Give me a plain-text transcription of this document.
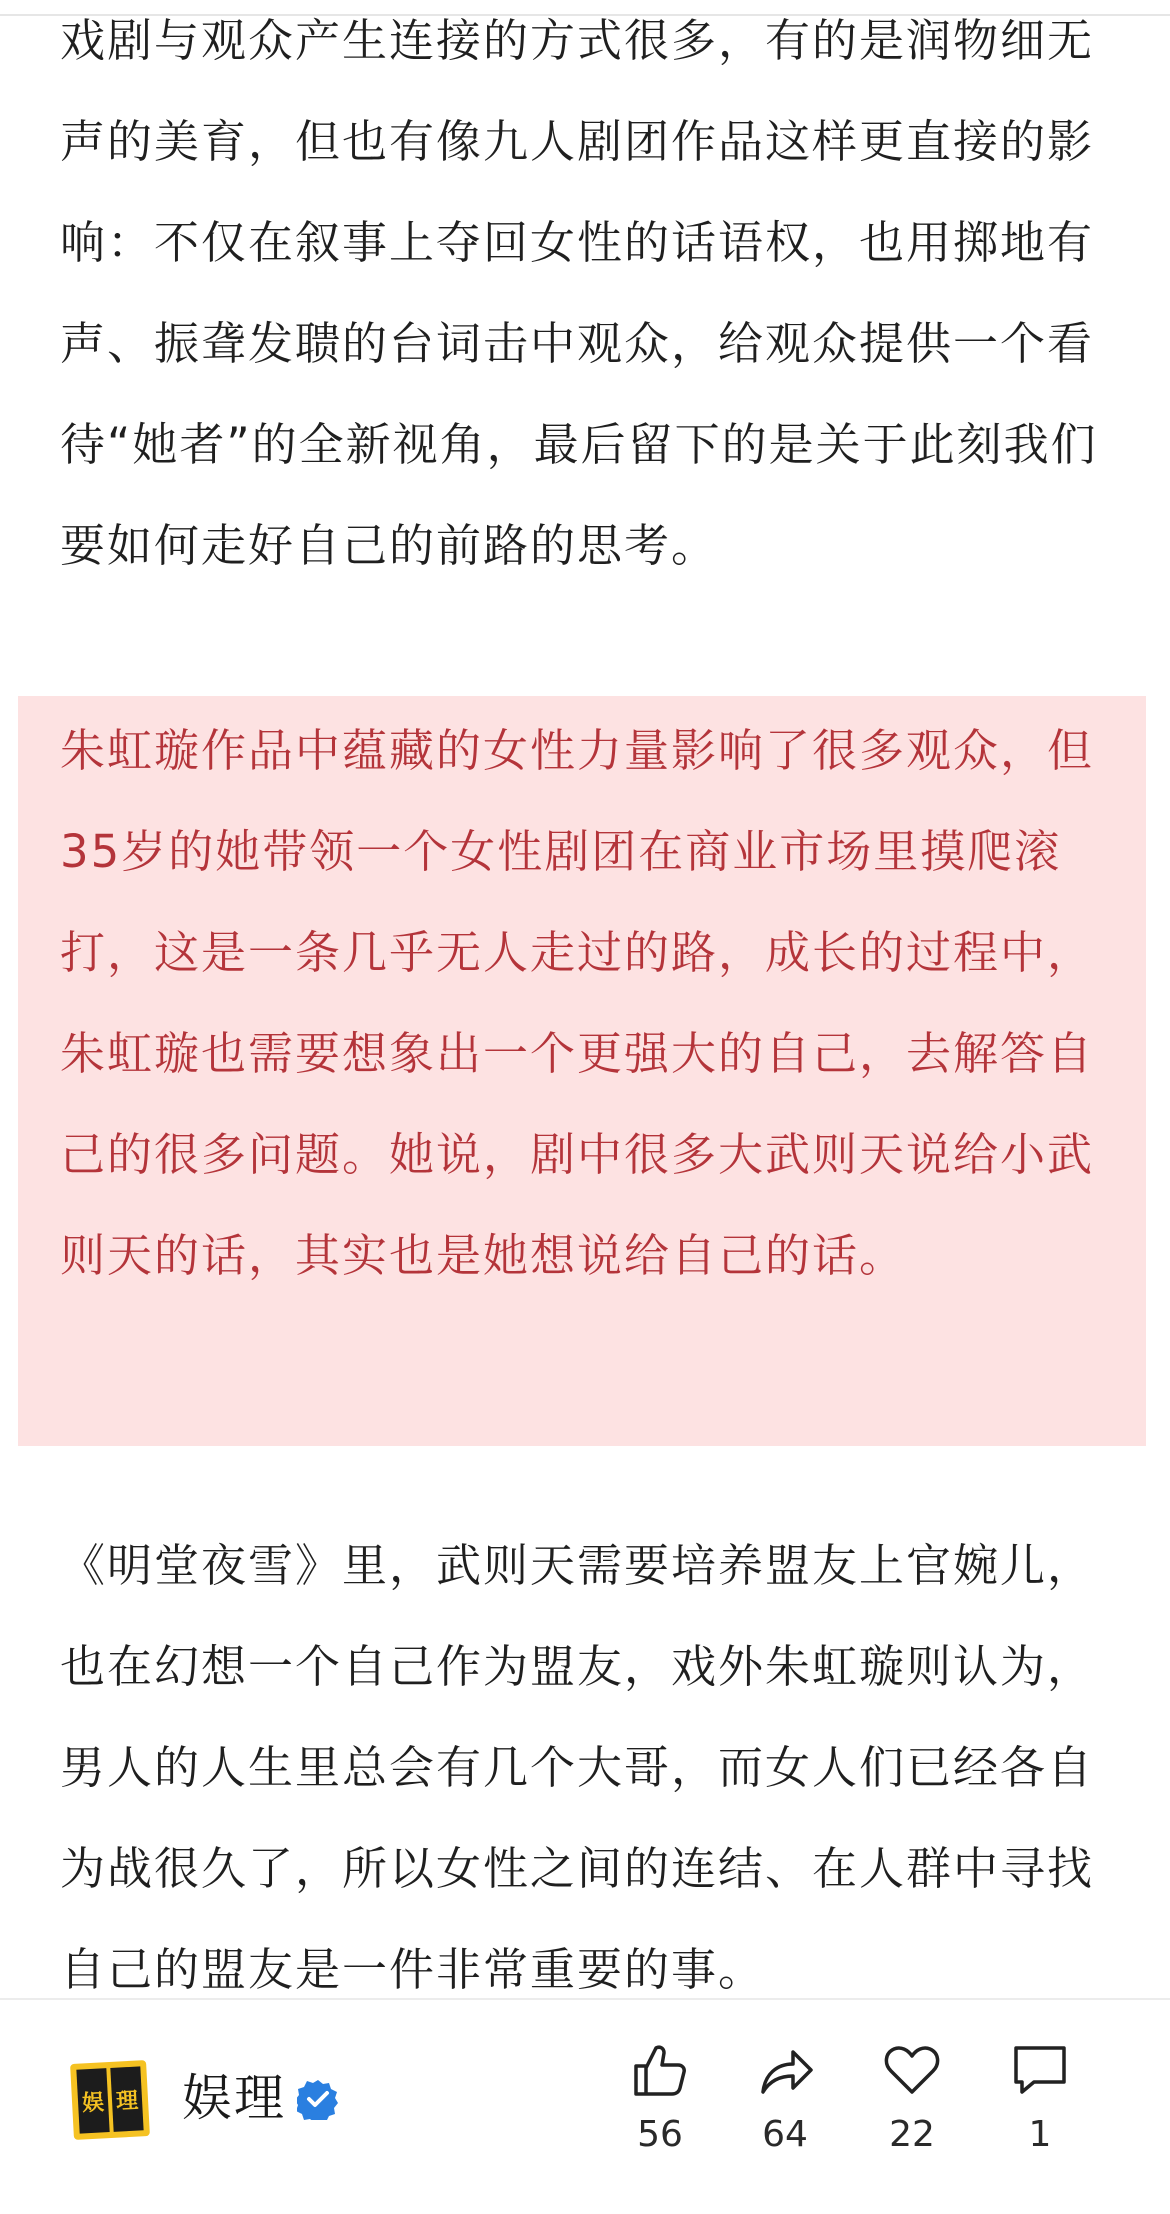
戏剧与观众产生连接的方式很多，有的是润物细无声的美育，但也有像九人剧团作品这样更直接的影响：不仅在叙事上夺回女性的话语权，也用掷地有声、振聋发聩的台词击中观众，给观众提供一个看待“她者”的全新视角，最后留下的是关于此刻我们要如何走好自己的前路的思考。

朱虹璇作品中蕴藏的女性力量影响了很多观众，但35岁的她带领一个女性剧团在商业市场里摸爬滚打，这是一条几乎无人走过的路，成长的过程中，朱虹璇也需要想象出一个更强大的自己，去解答自己的很多问题。她说，剧中很多大武则天说给小武则天的话，其实也是她想说给自己的话。

《明堂夜雪》里，武则天需要培养盟友上官婉儿，也在幻想一个自己作为盟友，戏外朱虹璇则认为，男人的人生里总会有几个大哥，而女人们已经各自为战很久了，所以女性之间的连结、在人群中寻找自己的盟友是一件非常重要的事。

娱 理 娱理
56	64	22	1
